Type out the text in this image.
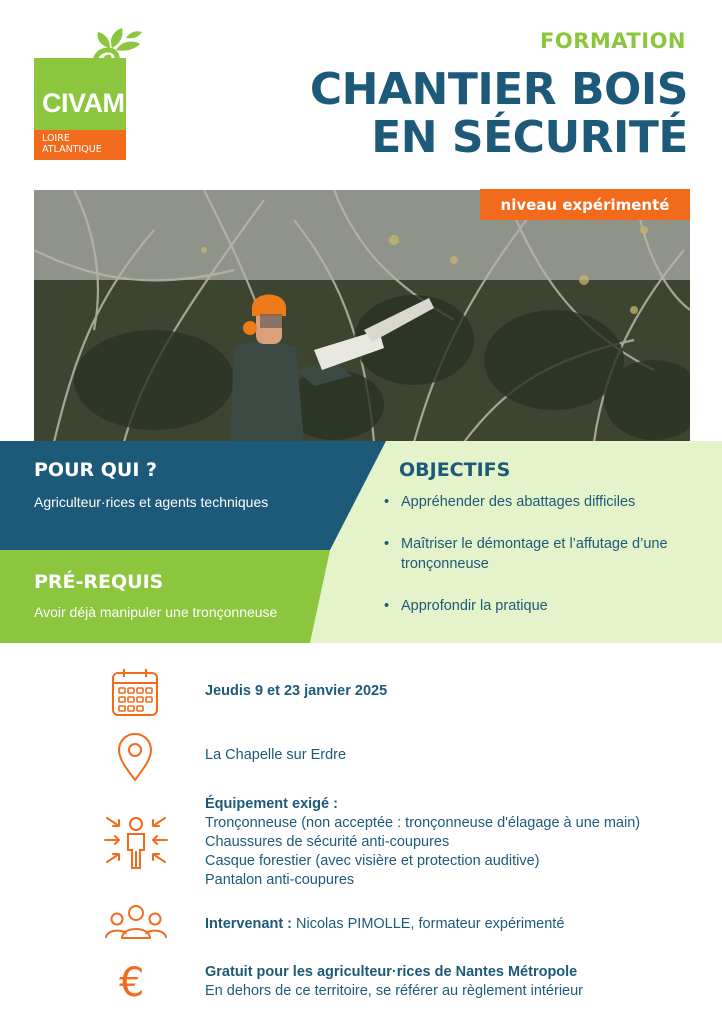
CIVAM
LOIRE
ATLANTIQUE
FORMATION
CHANTIER BOIS
EN SÉCURITÉ
niveau expérimenté
POUR QUI ?
Agriculteur·rices et agents techniques
PRÉ-REQUIS
Avoir déjà manipuler une tronçonneuse
OBJECTIFS
• Appréhender des abattages difficiles
• Maîtriser le démontage et l’affutage d’une tronçonneuse
• Approfondir la pratique
Jeudis 9 et 23 janvier 2025
La Chapelle sur Erdre
Équipement exigé :
Tronçonneuse (non acceptée : tronçonneuse d'élagage à une main)
Chaussures de sécurité anti-coupures
Casque forestier (avec visière et protection auditive)
Pantalon anti-coupures
Intervenant : Nicolas PIMOLLE, formateur expérimenté
€	Gratuit pour les agriculteur·rices de Nantes Métropole
En dehors de ce territoire, se référer au règlement intérieur
